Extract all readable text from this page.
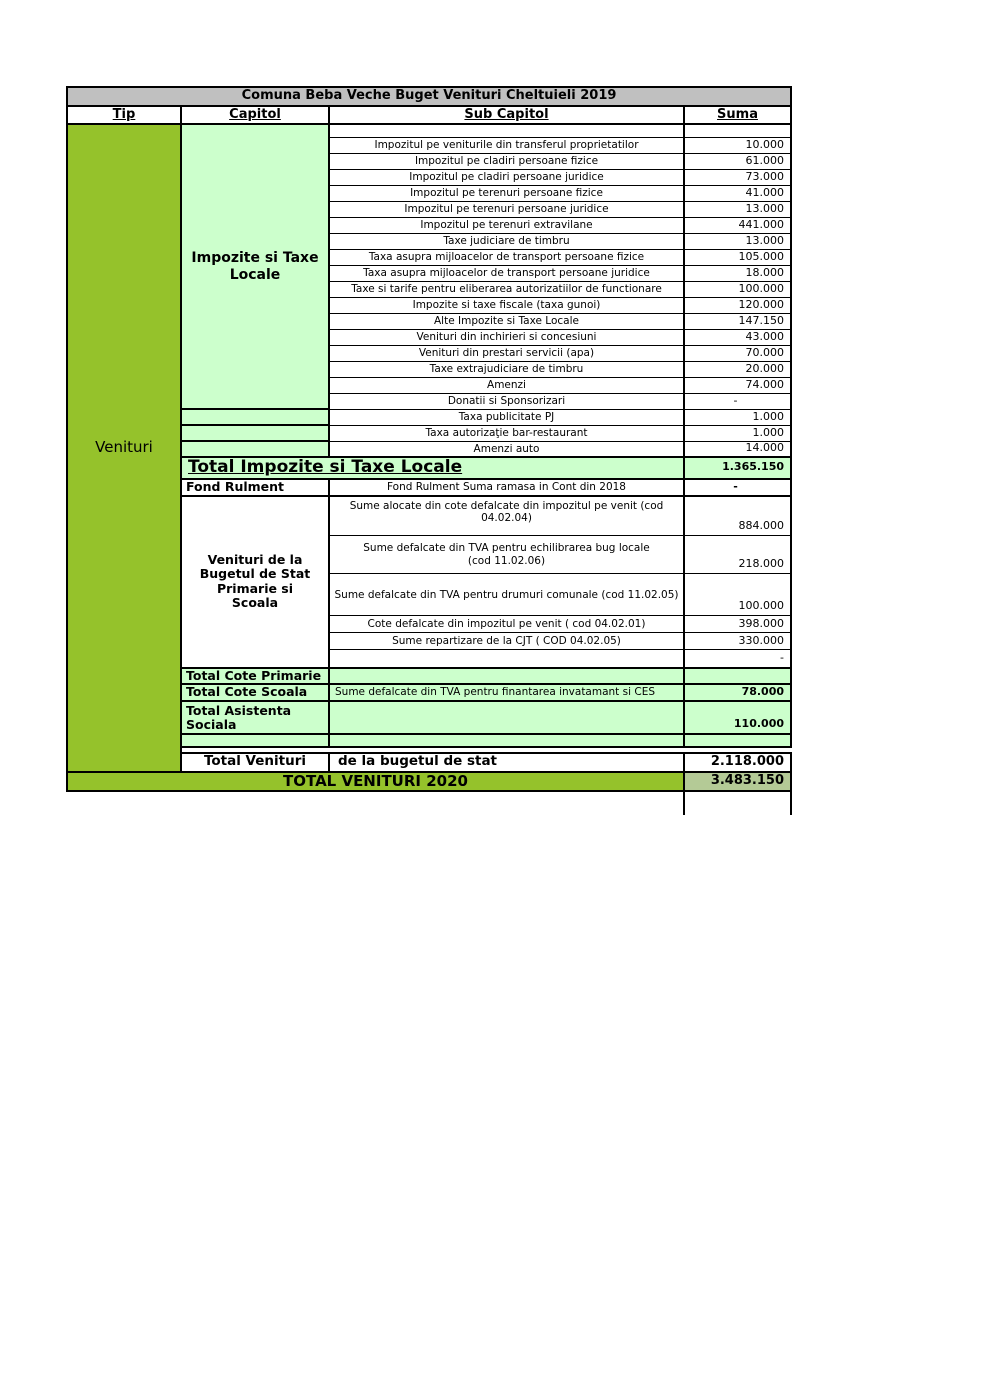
Comuna Beba Veche Buget Venituri Cheltuieli 2019			
Tip	Capitol	Sub Capitol	Suma
Venituri	Impozite si Taxe Locale		
		Impozitul pe veniturile din transferul proprietatilor	10.000
		Impozitul pe cladiri persoane fizice	61.000
		Impozitul pe cladiri persoane juridice	73.000
		Impozitul pe terenuri persoane fizice	41.000
		Impozitul pe terenuri persoane juridice	13.000
		Impozitul pe terenuri extravilane	441.000
		Taxe judiciare de timbru	13.000
		Taxa asupra mijloacelor de transport persoane fizice	105.000
		Taxa asupra mijloacelor de transport persoane juridice	18.000
		Taxe si tarife pentru eliberarea autorizatiilor de functionare	100.000
		Impozite si taxe fiscale (taxa gunoi)	120.000
		Alte Impozite si Taxe Locale	147.150
		Venituri din inchirieri si concesiuni	43.000
		Venituri din prestari servicii (apa)	70.000
		Taxe extrajudiciare de timbru	20.000
		Amenzi	74.000
		Donatii si Sponsorizari	-
		Taxa publicitate PJ	1.000
		Taxa autorizaţie bar-restaurant	1.000
		Amenzi auto	14.000
	Total Impozite si Taxe Locale		1.365.150
	Fond Rulment	Fond Rulment Suma ramasa in Cont din 2018	-
	Venituri de la Bugetul de Stat Primarie si Scoala	Sume alocate din cote defalcate din impozitul pe venit (cod 04.02.04)	884.000
		Sume defalcate din TVA pentru echilibrarea bug locale (cod 11.02.06)	218.000
		Sume defalcate din TVA pentru drumuri comunale (cod 11.02.05)	100.000
		Cote defalcate din impozitul pe venit ( cod 04.02.01)	398.000
		Sume repartizare de la CJT ( COD 04.02.05)	330.000
			-
	Total Cote Primarie		
	Total Cote Scoala	Sume defalcate din TVA pentru finantarea invatamant si CES	78.000
	Total Asistenta Sociala		110.000

	Total Venituri	de la bugetul de stat	2.118.000
TOTAL VENITURI 2020			3.483.150
